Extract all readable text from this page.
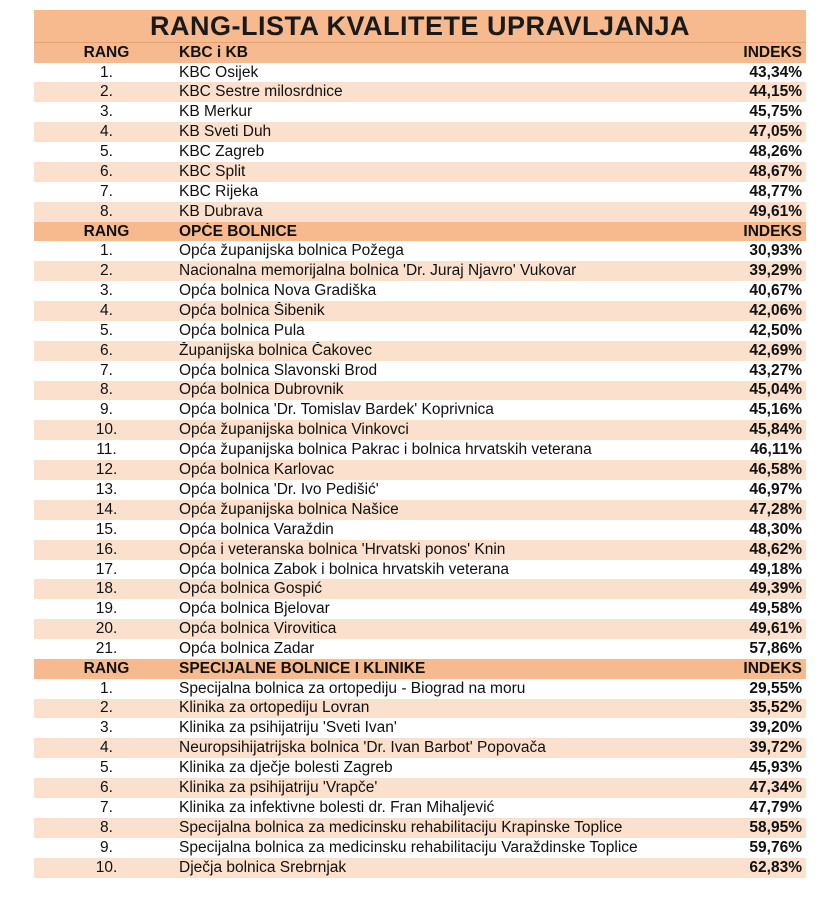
RANG-LISTA KVALITETE UPRAVLJANJA
RANG	KBC i KB	INDEKS
1.	KBC Osijek	43,34%
2.	KBC Sestre milosrdnice	44,15%
3.	KB Merkur	45,75%
4.	KB Sveti Duh	47,05%
5.	KBC Zagreb	48,26%
6.	KBC Split	48,67%
7.	KBC Rijeka	48,77%
8.	KB Dubrava	49,61%
RANG	OPĆE BOLNICE	INDEKS
1.	Opća županijska bolnica Požega	30,93%
2.	Nacionalna memorijalna bolnica 'Dr. Juraj Njavro' Vukovar	39,29%
3.	Opća bolnica Nova Gradiška	40,67%
4.	Opća bolnica Šibenik	42,06%
5.	Opća bolnica Pula	42,50%
6.	Županijska bolnica Čakovec	42,69%
7.	Opća bolnica Slavonski Brod	43,27%
8.	Opća bolnica Dubrovnik	45,04%
9.	Opća bolnica 'Dr. Tomislav Bardek' Koprivnica	45,16%
10.	Opća županijska bolnica Vinkovci	45,84%
11.	Opća županijska bolnica Pakrac i bolnica hrvatskih veterana	46,11%
12.	Opća bolnica Karlovac	46,58%
13.	Opća bolnica 'Dr. Ivo Pedišić'	46,97%
14.	Opća županijska bolnica Našice	47,28%
15.	Opća bolnica Varaždin	48,30%
16.	Opća i veteranska bolnica 'Hrvatski ponos' Knin	48,62%
17.	Opća bolnica Zabok i bolnica hrvatskih veterana	49,18%
18.	Opća bolnica Gospić	49,39%
19.	Opća bolnica Bjelovar	49,58%
20.	Opća bolnica Virovitica	49,61%
21.	Opća bolnica Zadar	57,86%
RANG	SPECIJALNE BOLNICE I KLINIKE	INDEKS
1.	Specijalna bolnica za ortopediju - Biograd na moru	29,55%
2.	Klinika za ortopediju Lovran	35,52%
3.	Klinika za psihijatriju 'Sveti Ivan'	39,20%
4.	Neuropsihijatrijska bolnica 'Dr. Ivan Barbot' Popovača	39,72%
5.	Klinika za dječje bolesti Zagreb	45,93%
6.	Klinika za psihijatriju 'Vrapče'	47,34%
7.	Klinika za infektivne bolesti dr. Fran Mihaljević	47,79%
8.	Specijalna bolnica za medicinsku rehabilitaciju Krapinske Toplice	58,95%
9.	Specijalna bolnica za medicinsku rehabilitaciju Varaždinske Toplice	59,76%
10.	Dječja bolnica Srebrnjak	62,83%
